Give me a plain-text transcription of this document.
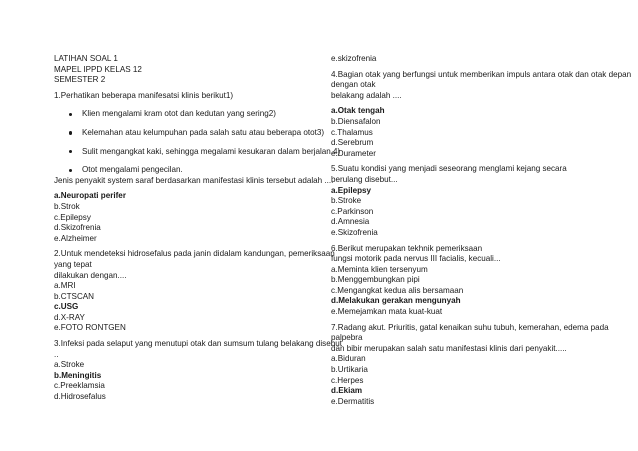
LATIHAN SOAL 1
MAPEL IPPD KELAS 12
SEMESTER 2
1.Perhatikan beberapa manifesatsi klinis berikut1)
Klien mengalami kram otot dan kedutan yang sering2)
Kelemahan atau kelumpuhan pada salah satu atau beberapa otot3)
Sulit mengangkat kaki, sehingga megalami kesukaran dalam berjalan.4)
Otot mengalami pengecilan.
Jenis penyakit system saraf berdasarkan manifestasi klinis tersebut adalah ....
a.Neuropati perifer
b.Strok
c.Epilepsy
d.Skizofrenia
e.Alzheimer
2.Untuk mendeteksi hidrosefalus pada janin didalam kandungan, pemeriksaan
yang tepat
dilakukan dengan....
a.MRI
b.CTSCAN
c.USG
d.X-RAY
e.FOTO RONTGEN
3.Infeksi pada selaput yang menutupi otak dan sumsum tulang belakang disebut
..
a.Stroke
b.Meningitis
c.Preeklamsia
d.Hidrosefalus
e.skizofrenia
4.Bagian otak yang berfungsi untuk memberikan impuls antara otak dan otak depan
dengan otak
belakang adalah ....
a.Otak tengah
b.Diensafalon
c.Thalamus
d.Serebrum
e.Durameter
5.Suatu kondisi yang menjadi seseorang menglami kejang secara
berulang disebut...
a.Epilepsy
b.Stroke
c.Parkinson
d.Amnesia
e.Skizofrenia
6.Berikut merupakan tekhnik pemeriksaan
fungsi motorik pada nervus III facialis, kecuali...
a.Meminta klien tersenyum
b.Menggembungkan pipi
c.Mengangkat kedua alis bersamaan
d.Melakukan gerakan mengunyah
e.Memejamkan mata kuat-kuat
7.Radang akut. Priuritis, gatal kenaikan suhu tubuh, kemerahan, edema pada
palpebra
dan bibir merupakan salah satu manifestasi klinis dari penyakit.....
a.Biduran
b.Urtikaria
c.Herpes
d.Ekiam
e.Dermatitis
